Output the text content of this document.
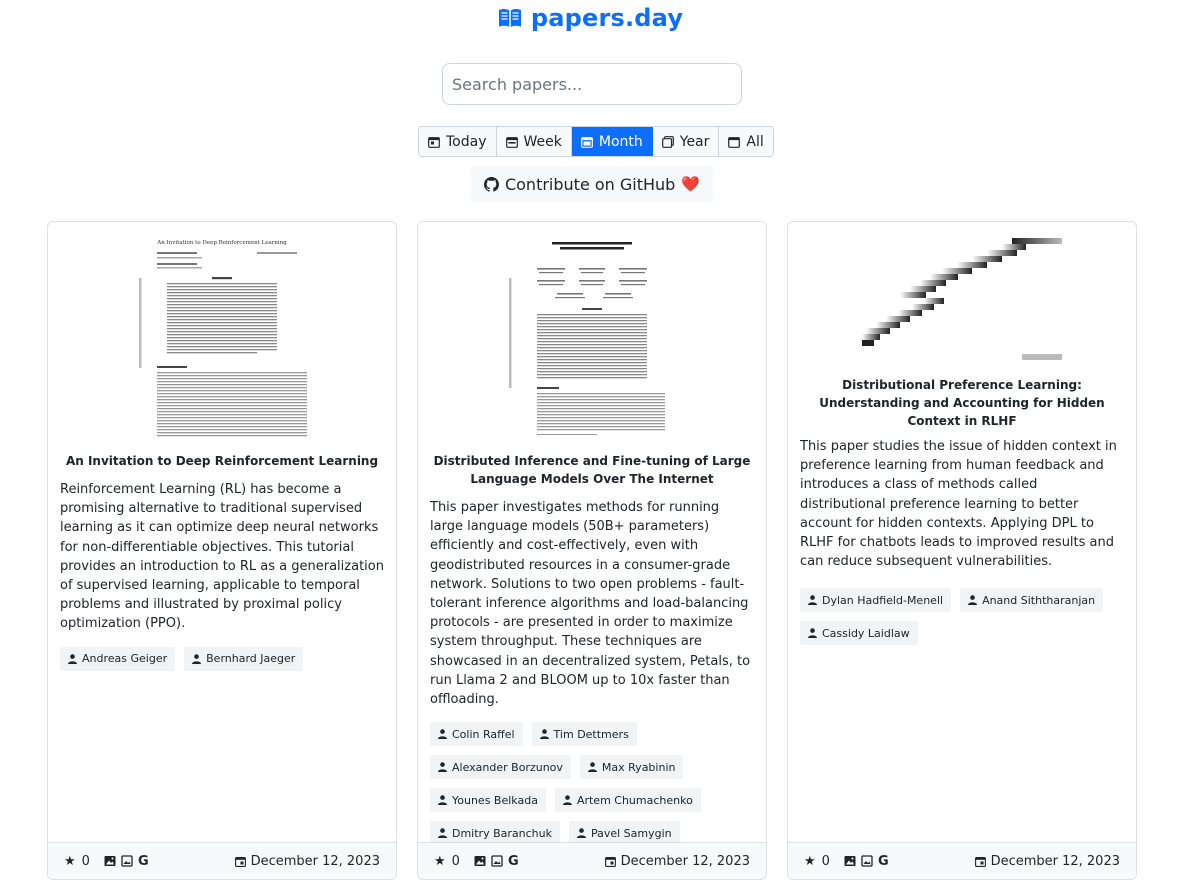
papers.day
Search papers...
Today	Week	Month	Year	All
Contribute on GitHub ❤️
An Invitation to Deep Reinforcement Learning
An Invitation to Deep Reinforcement Learning
Reinforcement Learning (RL) has become a promising alternative to traditional supervised learning as it can optimize deep neural networks for non-differentiable objectives. This tutorial provides an introduction to RL as a generalization of supervised learning, applicable to temporal problems and illustrated by proximal policy optimization (PPO).
Andreas Geiger	Bernhard Jaeger
★ 0	G	December 12, 2023
Distributed Inference and Fine-tuning of Large Language Models Over The Internet
This paper investigates methods for running large language models (50B+ parameters) efficiently and cost-effectively, even with geodistributed resources in a consumer-grade network. Solutions to two open problems - fault-tolerant inference algorithms and load-balancing protocols - are presented in order to maximize system throughput. These techniques are showcased in an decentralized system, Petals, to run Llama 2 and BLOOM up to 10x faster than offloading.
Colin Raffel	Tim Dettmers
Alexander Borzunov	Max Ryabinin
Younes Belkada	Artem Chumachenko
Dmitry Baranchuk	Pavel Samygin
★ 0	G	December 12, 2023
Distributional Preference Learning: Understanding and Accounting for Hidden Context in RLHF
This paper studies the issue of hidden context in preference learning from human feedback and introduces a class of methods called distributional preference learning to better account for hidden contexts. Applying DPL to RLHF for chatbots leads to improved results and can reduce subsequent vulnerabilities.
Dylan Hadfield-Menell	Anand Siththaranjan
Cassidy Laidlaw
★ 0	G	December 12, 2023
